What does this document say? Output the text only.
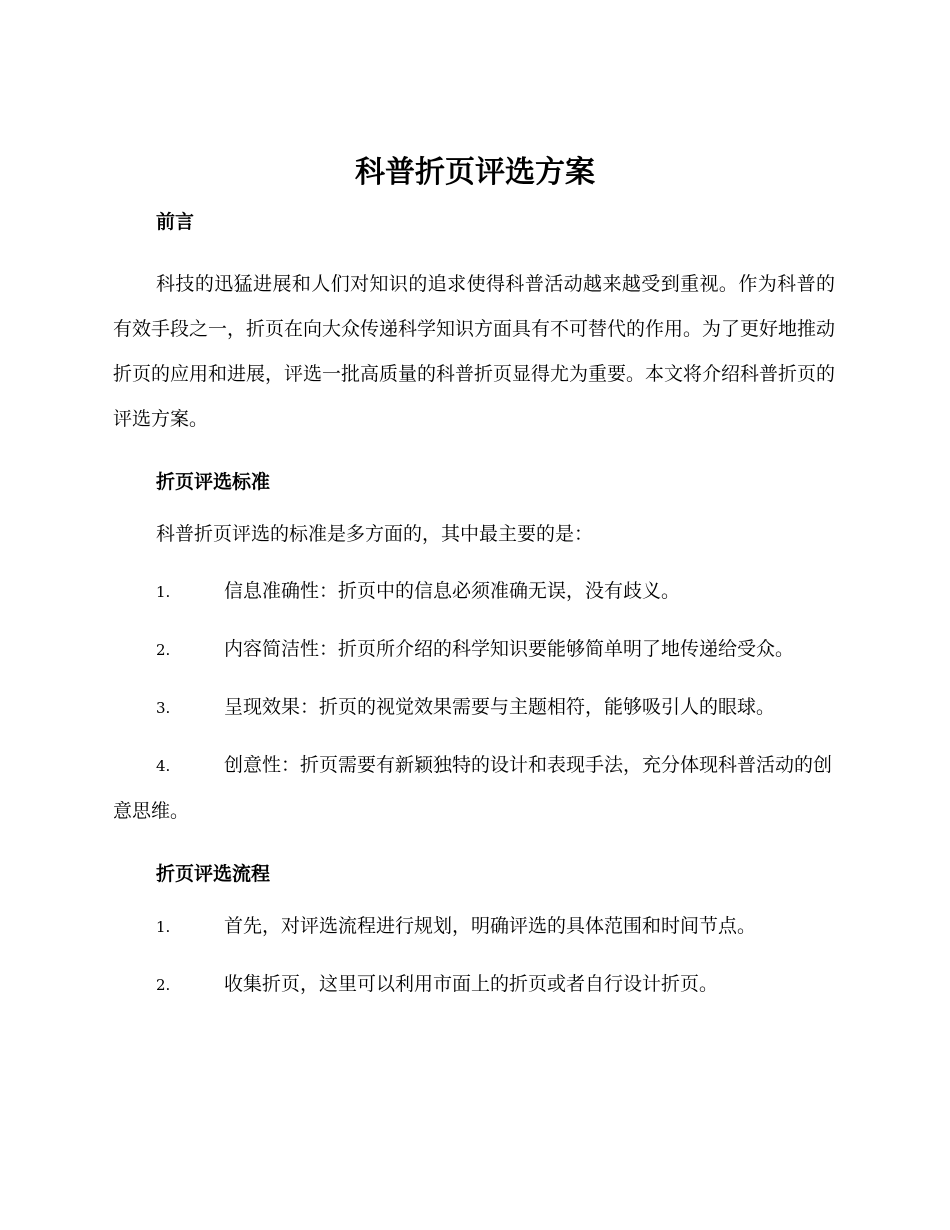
科普折页评选方案
前言

科技的迅猛进展和人们对知识的追求使得科普活动越来越受到重视。作为科普的有效手段之一，折页在向大众传递科学知识方面具有不可替代的作用。为了更好地推动折页的应用和进展，评选一批高质量的科普折页显得尤为重要。本文将介绍科普折页的评选方案。

折页评选标准

科普折页评选的标准是多方面的，其中最主要的是：

1.	信息准确性：折页中的信息必须准确无误，没有歧义。

2.	内容简洁性：折页所介绍的科学知识要能够简单明了地传递给受众。

3.	呈现效果：折页的视觉效果需要与主题相符，能够吸引人的眼球。

4.	创意性：折页需要有新颖独特的设计和表现手法，充分体现科普活动的创意思维。

折页评选流程

1.	首先，对评选流程进行规划，明确评选的具体范围和时间节点。

2.	收集折页，这里可以利用市面上的折页或者自行设计折页。
